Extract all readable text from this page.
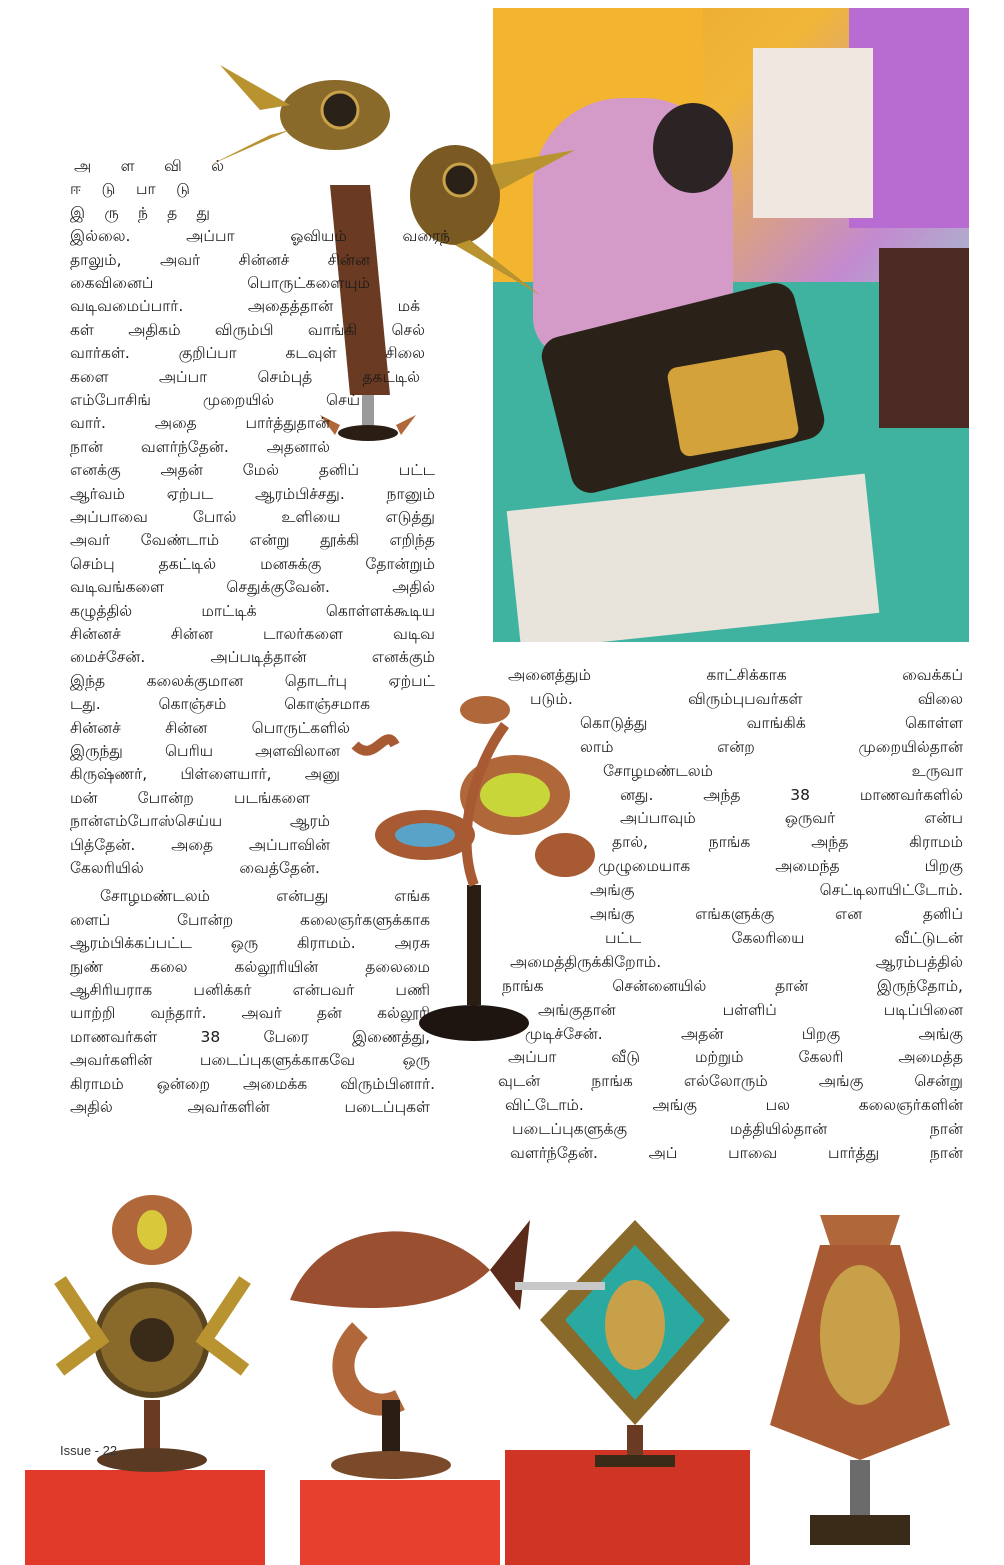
அ ள வி ல்
ஈ டு பா டு
இ ரு ந் த து
இல்லை. அப்பா ஓவியம் வரைந்
தாலும், அவர் சின்னச் சின்ன
கைவினைப் பொருட்களையும்
வடிவமைப்பார். அதைத்தான் மக்
கள் அதிகம் விரும்பி வாங்கி செல்
வார்கள். குறிப்பா கடவுள் சிலை
களை அப்பா செம்புத் தகட்டில்
எம்போசிங் முறையில் செய்
வார். அதை பார்த்துதான்
நான் வளர்ந்தேன். அதனால்
எனக்கு அதன் மேல் தனிப் பட்ட
ஆர்வம் ஏற்பட ஆரம்பிச்சது. நானும்
அப்பாவை போல் உளியை எடுத்து
அவர் வேண்டாம் என்று தூக்கி எறிந்த
செம்பு தகட்டில் மனசுக்கு தோன்றும்
வடிவங்களை செதுக்குவேன். அதில்
கழுத்தில் மாட்டிக் கொள்ளக்கூடிய
சின்னச் சின்ன டாலர்களை வடிவ
மைச்சேன். அப்படித்தான் எனக்கும்
இந்த கலைக்குமான தொடர்பு ஏற்பட்
டது. கொஞ்சம் கொஞ்சமாக
சின்னச் சின்ன பொருட்களில்
இருந்து பெரிய அளவிலான
கிருஷ்ணர், பிள்ளையார், அனு
மன் போன்ற படங்களை
நான்எம்போஸ்செய்ய ஆரம்
பித்தேன். அதை அப்பாவின்
கேலரியில் வைத்தேன்.
சோழமண்டலம் என்பது எங்க
ளைப் போன்ற கலைஞர்களுக்காக
ஆரம்பிக்கப்பட்ட ஒரு கிராமம். அரசு
நுண் கலை கல்லூரியின் தலைமை
ஆசிரியராக பனிக்கர் என்பவர் பணி
யாற்றி வந்தார். அவர் தன் கல்லூரி
மாணவர்கள் 38 பேரை இணைத்து,
அவர்களின் படைப்புகளுக்காகவே ஒரு
கிராமம் ஒன்றை அமைக்க விரும்பினார்.
அதில் அவர்களின் படைப்புகள்
அனைத்தும் காட்சிக்காக வைக்கப்
படும். விரும்புபவர்கள் விலை
கொடுத்து வாங்கிக் கொள்ள
லாம் என்ற முறையில்தான்
சோழமண்டலம் உருவா
னது. அந்த 38 மாணவர்களில்
அப்பாவும் ஒருவர் என்ப
தால், நாங்க அந்த கிராமம்
முழுமையாக அமைந்த பிறகு
அங்கு செட்டிலாயிட்டோம்.
அங்கு எங்களுக்கு என தனிப்
பட்ட கேலரியை வீட்டுடன்
அமைத்திருக்கிறோம். ஆரம்பத்தில்
நாங்க சென்னையில் தான் இருந்தோம்,
அங்குதான் பள்ளிப் படிப்பினை
முடிச்சேன். அதன் பிறகு அங்கு
அப்பா வீடு மற்றும் கேலரி அமைத்த
வுடன் நாங்க எல்லோரும் அங்கு சென்று
விட்டோம். அங்கு பல கலைஞர்களின்
படைப்புகளுக்கு மத்தியில்தான் நான்
வளர்ந்தேன். அப் பாவை பார்த்து நான்
Issue - 22
